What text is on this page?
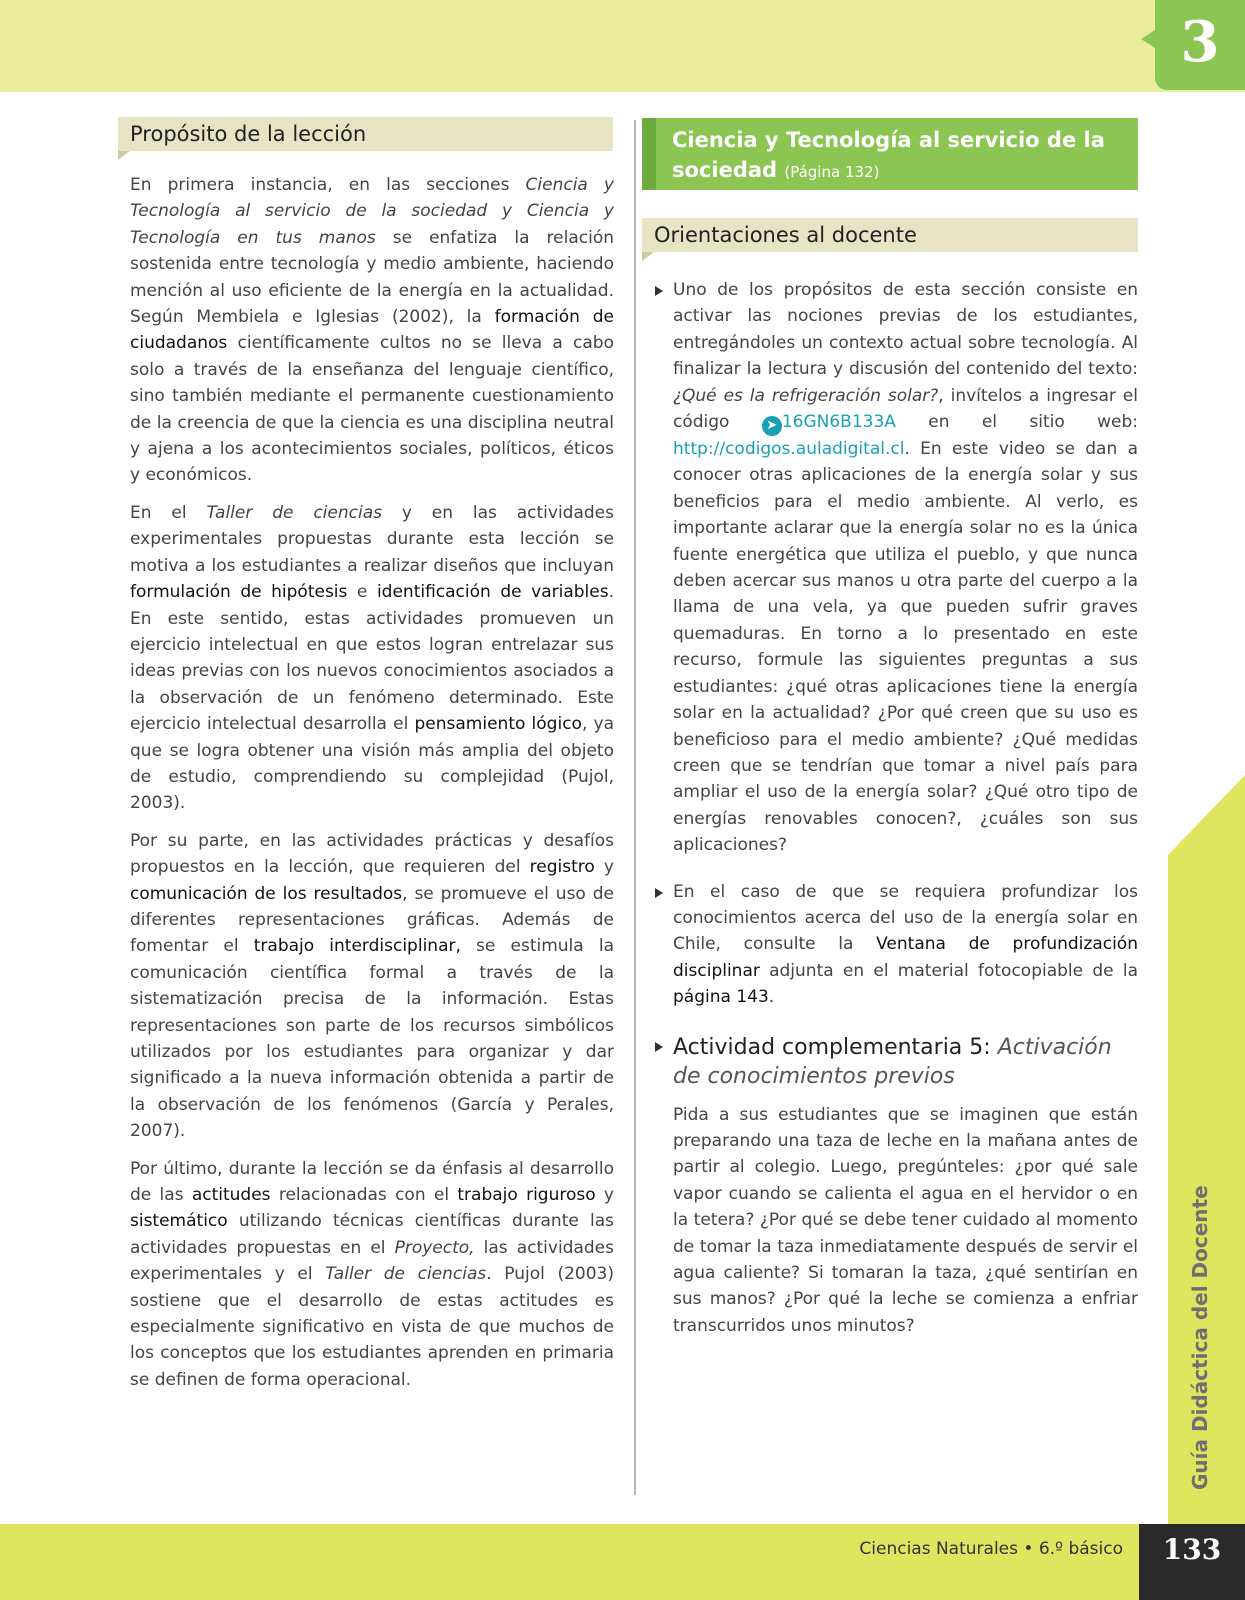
3
Guía Didáctica del Docente
Ciencias Naturales • 6.º básico	133
Propósito de la lección

En primera instancia, en las secciones Ciencia y Tecnología al servicio de la sociedad y Ciencia y Tecnología en tus manos se enfatiza la relación sostenida entre tecnología y medio ambiente, haciendo mención al uso eficiente de la energía en la actualidad. Según Membiela e Iglesias (2002), la formación de ciudadanos científicamente cultos no se lleva a cabo solo a través de la enseñanza del lenguaje científico, sino también mediante el permanente cuestionamiento de la creencia de que la ciencia es una disciplina neutral y ajena a los acontecimientos sociales, políticos, éticos y económicos.

En el Taller de ciencias y en las actividades experimentales propuestas durante esta lección se motiva a los estudiantes a realizar diseños que incluyan formulación de hipótesis e identificación de variables. En este sentido, estas actividades promueven un ejercicio intelectual en que estos logran entrelazar sus ideas previas con los nuevos conocimientos asociados a la observación de un fenómeno determinado. Este ejercicio intelectual desarrolla el pensamiento lógico, ya que se logra obtener una visión más amplia del objeto de estudio, comprendiendo su complejidad (Pujol, 2003).

Por su parte, en las actividades prácticas y desafíos propuestos en la lección, que requieren del registro y comunicación de los resultados, se promueve el uso de diferentes representaciones gráficas. Además de fomentar el trabajo interdisciplinar, se estimula la comunicación científica formal a través de la sistematización precisa de la información. Estas representaciones son parte de los recursos simbólicos utilizados por los estudiantes para organizar y dar significado a la nueva información obtenida a partir de la observación de los fenómenos (García y Perales, 2007).

Por último, durante la lección se da énfasis al desarrollo de las actitudes relacionadas con el trabajo riguroso y sistemático utilizando técnicas científicas durante las actividades propuestas en el Proyecto, las actividades experimentales y el Taller de ciencias. Pujol (2003) sostiene que el desarrollo de estas actitudes es especialmente significativo en vista de que muchos de los conceptos que los estudiantes aprenden en primaria se definen de forma operacional.

Ciencia y Tecnología al servicio de la sociedad (Página 132)
Orientaciones al docente

Uno de los propósitos de esta sección consiste en activar las nociones previas de los estudiantes, entregándoles un contexto actual sobre tecnología. Al finalizar la lectura y discusión del contenido del texto: ¿Qué es la refrigeración solar?, invítelos a ingresar el código ➤ 16GN6B133A en el sitio web: http://codigos.auladigital.cl. En este video se dan a conocer otras aplicaciones de la energía solar y sus beneficios para el medio ambiente. Al verlo, es importante aclarar que la energía solar no es la única fuente energética que utiliza el pueblo, y que nunca deben acercar sus manos u otra parte del cuerpo a la llama de una vela, ya que pueden sufrir graves quemaduras. En torno a lo presentado en este recurso, formule las siguientes preguntas a sus estudiantes: ¿qué otras aplicaciones tiene la energía solar en la actualidad? ¿Por qué creen que su uso es beneficioso para el medio ambiente? ¿Qué medidas creen que se tendrían que tomar a nivel país para ampliar el uso de la energía solar? ¿Qué otro tipo de energías renovables conocen?, ¿cuáles son sus aplicaciones?

En el caso de que se requiera profundizar los conocimientos acerca del uso de la energía solar en Chile, consulte la Ventana de profundización disciplinar adjunta en el material fotocopiable de la página 143.

Actividad complementaria 5: Activación de conocimientos previos

Pida a sus estudiantes que se imaginen que están preparando una taza de leche en la mañana antes de partir al colegio. Luego, pregúnteles: ¿por qué sale vapor cuando se calienta el agua en el hervidor o en la tetera? ¿Por qué se debe tener cuidado al momento de tomar la taza inmediatamente después de servir el agua caliente? Si tomaran la taza, ¿qué sentirían en sus manos? ¿Por qué la leche se comienza a enfriar transcurridos unos minutos?
